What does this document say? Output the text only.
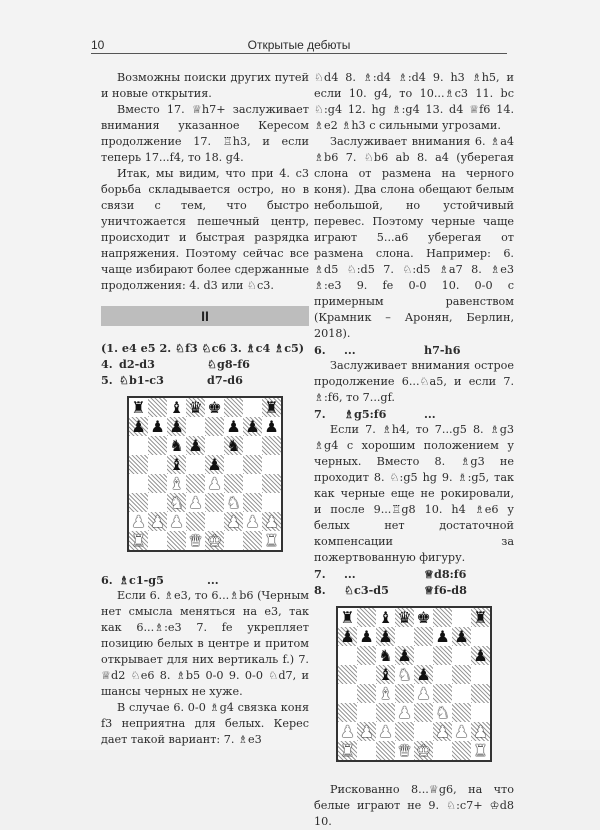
10	Открытые дебюты

Возможны поиски других путей и новые открытия.

Вместо 17. ♕h7+ заслуживает внимания указанное Кересом продолжение 17. ♖h3, и если теперь 17...f4, то 18. g4.

Итак, мы видим, что при 4. с3 борьба складывается остро, но в связи с тем, что быстро уничтожается пешечный центр, происходит и быстрая разрядка напряжения. Поэтому сейчас все чаще избирают более сдержанные продолжения: 4. d3 или ♘c3.

II
(1. e4 e5 2. ♘f3 ♘c6 3. ♗c4 ♗c5)
4. d2-d3	♘g8-f6
5. ♘b1-c3	d7-d6
♜ ♝ ♛ ♚	♜
♟ ♟ ♟	♟ ♟ ♟
♞ ♟ ♞
♝ ♟
♝ ♟
♞ ♟ ♞
♟ ♟ ♟	♟ ♟ ♟
♜	♛ ♚	♜
6. ♗c1-g5	...

Если 6. ♗e3, то 6...♗b6 (Черным нет смысла меняться на e3, так как 6...♗:e3 7. fe укрепляет позицию белых в центре и притом открывает для них вертикаль f.) 7. ♕d2 ♘e6 8. ♗b5 0-0 9. 0-0 ♘d7, и шансы черных не хуже.

В случае 6. 0-0 ♗g4 связка коня f3 неприятна для белых. Керес дает такой вариант: 7. ♗e3

♘d4 8. ♗:d4 ♗:d4 9. h3 ♗h5, и если 10. g4, то 10...♗c3 11. bc ♘:g4 12. hg ♗:g4 13. d4 ♕f6 14. ♗e2 ♗h3 с сильными угрозами.

Заслуживает внимания 6. ♗a4 ♗b6 7. ♘b6 ab 8. a4 (уберегая слона от размена на черного коня). Два слона обещают белым небольшой, но устойчивый перевес. Поэтому черные чаще играют 5...a6 уберегая от размена слона. Например: 6. ♗d5 ♘:d5 7. ♘:d5 ♗a7 8. ♗e3 ♗:e3 9. fe 0-0 10. 0-0 с примерным равенством (Крамник – Аронян, Берлин, 2018).

6.	...	h7-h6

Заслуживает внимания острое продолжение 6...♘a5, и если 7. ♗:f6, то 7...gf.

7.	♗g5:f6	...

Если 7. ♗h4, то 7...g5 8. ♗g3 ♗g4 с хорошим положением у черных. Вместо 8. ♗g3 не проходит 8. ♘:g5 hg 9. ♗:g5, так как черные еще не рокировали, и после 9...♖g8 10. h4 ♗e6 у белых нет достаточной компенсации за пожертвованную фигуру.

7.	...	♕d8:f6
8.	♘c3-d5	♕f6-d8
♜ ♝ ♛ ♚	♜
♟ ♟ ♟	♟ ♟
♞ ♟	♟
♝ ♞ ♟
♝ ♟
♟ ♞
♟ ♟ ♟	♟ ♟ ♟
♜	♛ ♚	♜

Рискованно 8...♕g6, на что белые играют не 9. ♘:c7+ ♔d8 10.
